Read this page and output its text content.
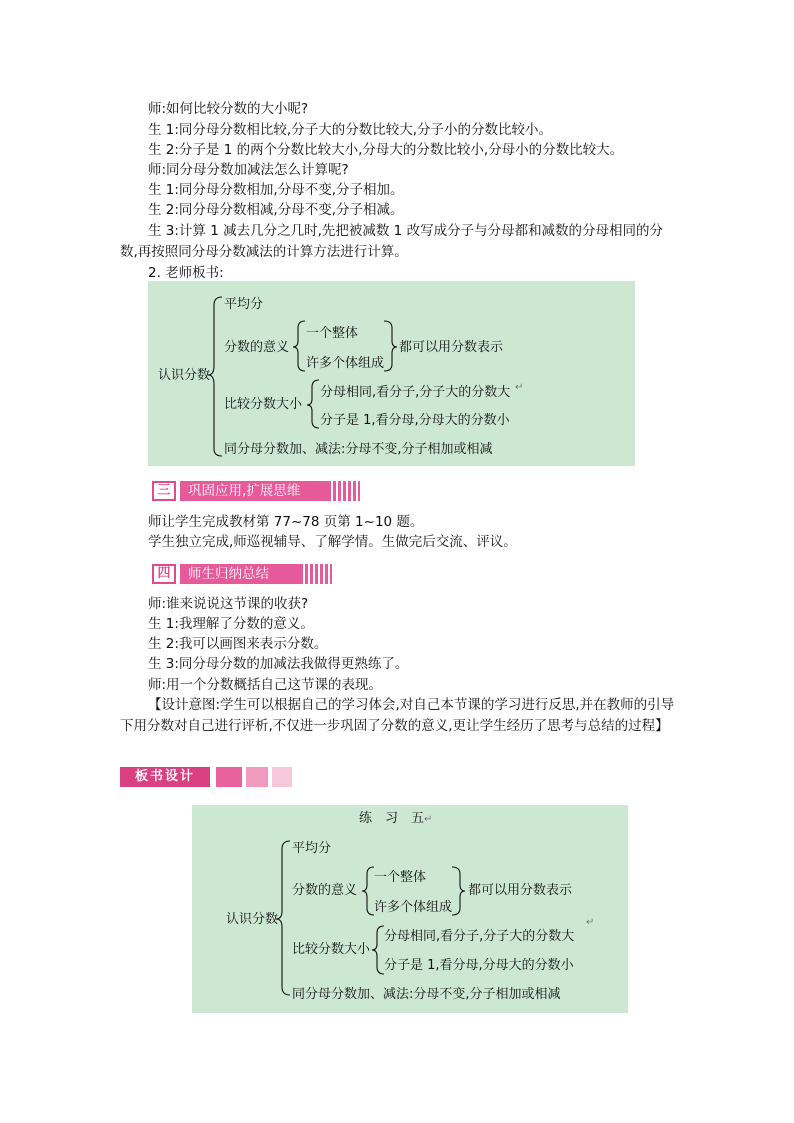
师:如何比较分数的大小呢?
生 1:同分母分数相比较,分子大的分数比较大,分子小的分数比较小。
生 2:分子是 1 的两个分数比较大小,分母大的分数比较小,分母小的分数比较大。
师:同分母分数加减法怎么计算呢?
生 1:同分母分数相加,分母不变,分子相加。
生 2:同分母分数相减,分母不变,分子相减。
生 3:计算 1 减去几分之几时,先把被减数 1 改写成分子与分母都和减数的分母相同的分数,再按照同分母分数减法的计算方法进行计算。
2. 老师板书:
认识分数
平均分
分数的意义
一个整体
许多个体组成
都可以用分数表示
比较分数大小
分母相同,看分子,分子大的分数大 ↵
分子是 1,看分母,分母大的分数小
同分母分数加、减法:分母不变,分子相加或相减
三	巩固应用,扩展思维
师让学生完成教材第 77~78 页第 1~10 题。
学生独立完成,师巡视辅导、了解学情。生做完后交流、评议。
四	师生归纳总结
师:谁来说说这节课的收获?
生 1:我理解了分数的意义。
生 2:我可以画图来表示分数。
生 3:同分母分数的加减法我做得更熟练了。
师:用一个分数概括自己这节课的表现。
【设计意图:学生可以根据自己的学习体会,对自己本节课的学习进行反思,并在教师的引导下用分数对自己进行评析,不仅进一步巩固了分数的意义,更让学生经历了思考与总结的过程】
板书设计
练　习　五↵
认识分数
平均分
分数的意义
一个整体
许多个体组成
都可以用分数表示
↵
比较分数大小
分母相同,看分子,分子大的分数大
分子是 1,看分母,分母大的分数小
同分母分数加、减法:分母不变,分子相加或相减
